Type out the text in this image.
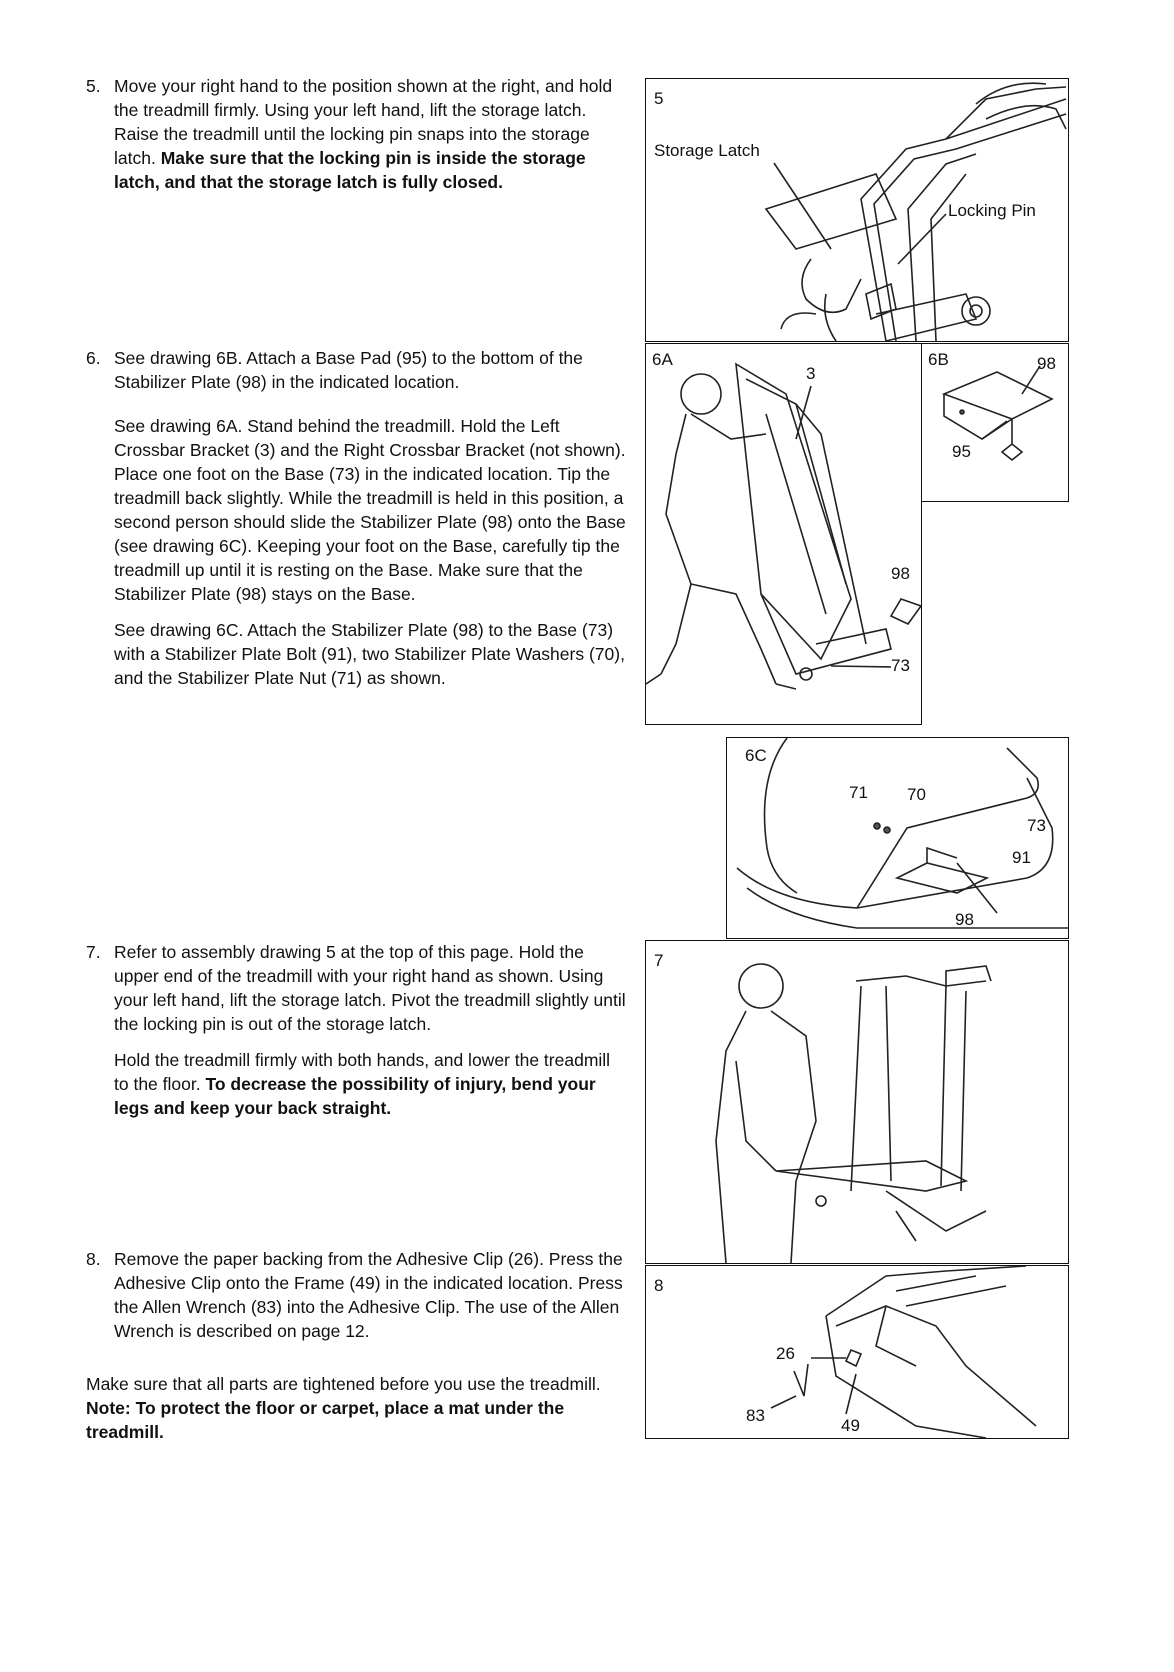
5. Move your right hand to the position shown at the right, and hold the treadmill firmly. Using your left hand, lift the storage latch. Raise the treadmill until the locking pin snaps into the storage latch. Make sure that the locking pin is inside the storage latch, and that the storage latch is fully closed.

6. See drawing 6B. Attach a Base Pad (95) to the bottom of the Stabilizer Plate (98) in the indicated location.

See drawing 6A. Stand behind the treadmill. Hold the Left Crossbar Bracket (3) and the Right Crossbar Bracket (not shown). Place one foot on the Base (73) in the indicated location. Tip the treadmill back slightly. While the treadmill is held in this position, a second person should slide the Stabilizer Plate (98) onto the Base (see drawing 6C). Keeping your foot on the Base, carefully tip the treadmill up until it is resting on the Base. Make sure that the Stabilizer Plate (98) stays on the Base.

See drawing 6C. Attach the Stabilizer Plate (98) to the Base (73) with a Stabilizer Plate Bolt (91), two Stabilizer Plate Washers (70), and the Stabilizer Plate Nut (71) as shown.

7. Refer to assembly drawing 5 at the top of this page. Hold the upper end of the treadmill with your right hand as shown. Using your left hand, lift the storage latch. Pivot the treadmill slightly until the locking pin is out of the storage latch.

Hold the treadmill firmly with both hands, and lower the treadmill to the floor. To decrease the possibility of injury, bend your legs and keep your back straight.

8. Remove the paper backing from the Adhesive Clip (26). Press the Adhesive Clip onto the Frame (49) in the indicated location. Press the Allen Wrench (83) into the Adhesive Clip. The use of the Allen Wrench is described on page 12.

Make sure that all parts are tightened before you use the treadmill. Note: To protect the floor or carpet, place a mat under the treadmill.

5
Storage Latch
Locking Pin
6A
3
98
73
6B	98
95
6C
71 70
73
91
98
7
8
26
83
49
